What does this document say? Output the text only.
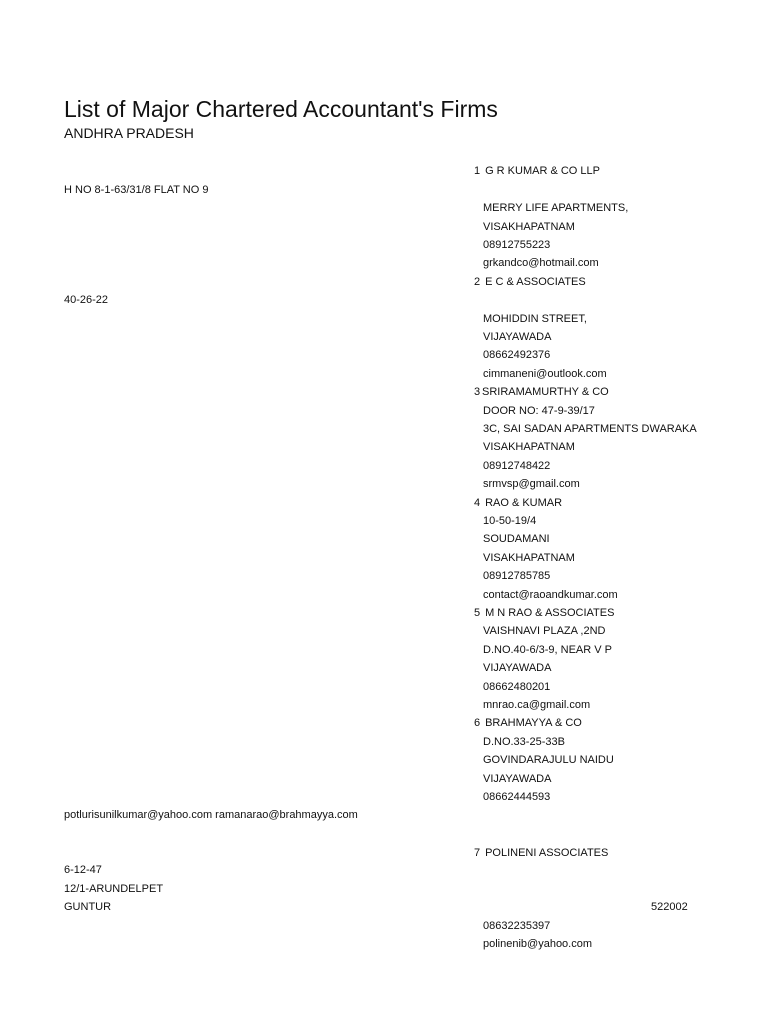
List of Major Chartered Accountant's Firms
ANDHRA PRADESH
1 G R KUMAR & CO LLP
H NO 8-1-63/31/8 FLAT NO 9
MERRY LIFE APARTMENTS,
VISAKHAPATNAM
08912755223
grkandco@hotmail.com
2 E C & ASSOCIATES
40-26-22
MOHIDDIN STREET,
VIJAYAWADA
08662492376
cimmaneni@outlook.com
3 SRIRAMAMURTHY & CO
DOOR NO: 47-9-39/17
3C, SAI SADAN APARTMENTS DWARAKA
VISAKHAPATNAM
08912748422
srmvsp@gmail.com
4 RAO & KUMAR
10-50-19/4
SOUDAMANI
VISAKHAPATNAM
08912785785
contact@raoandkumar.com
5 M N RAO & ASSOCIATES
VAISHNAVI PLAZA ,2ND
D.NO.40-6/3-9, NEAR V P
VIJAYAWADA
08662480201
mnrao.ca@gmail.com
6 BRAHMAYYA & CO
D.NO.33-25-33B
GOVINDARAJULU NAIDU
VIJAYAWADA
08662444593
potlurisunilkumar@yahoo.com ramanarao@brahmayya.com
7 POLINENI ASSOCIATES
6-12-47
12/1-ARUNDELPET
GUNTUR	522002
08632235397
polinenib@yahoo.com
